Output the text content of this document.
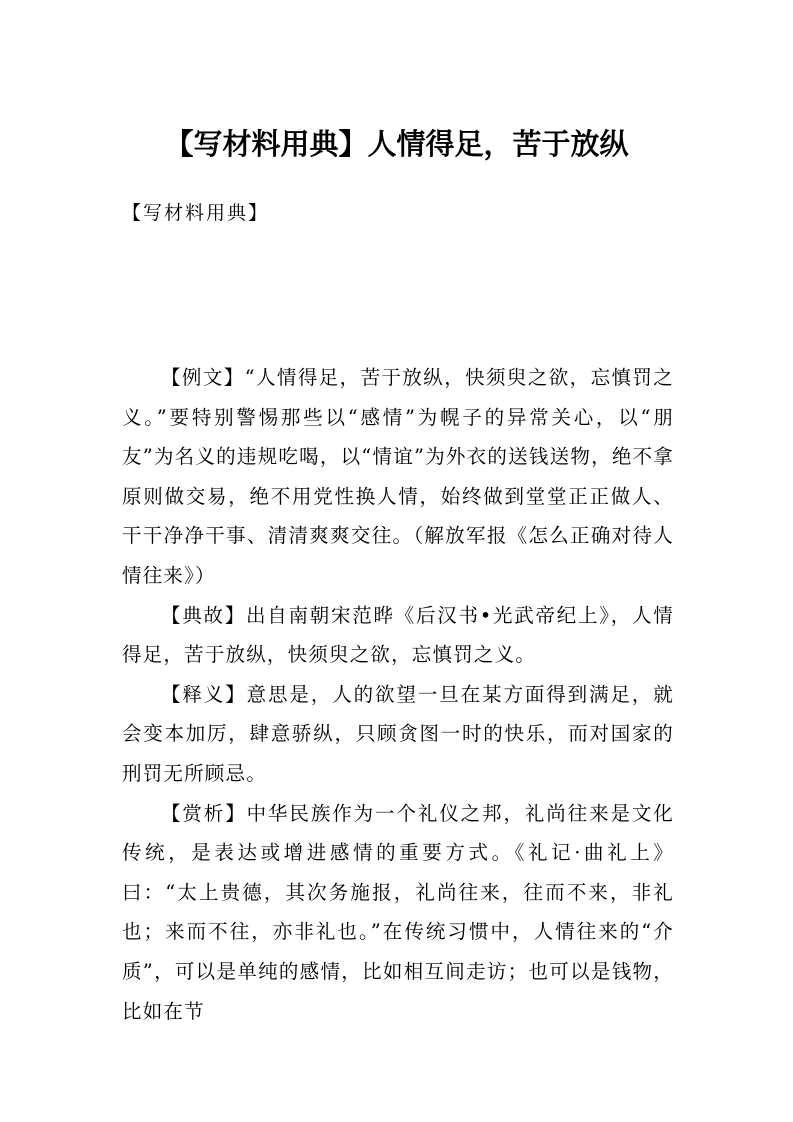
【写材料用典】人情得足，苦于放纵

【写材料用典】

【例文】“人情得足，苦于放纵，快须臾之欲，忘慎罚之义。”要特别警惕那些以“感情”为幌子的异常关心，以“朋友”为名义的违规吃喝，以“情谊”为外衣的送钱送物，绝不拿原则做交易，绝不用党性换人情，始终做到堂堂正正做人、干干净净干事、清清爽爽交往。（解放军报《怎么正确对待人情往来》）

【典故】出自南朝宋范晔《后汉书•光武帝纪上》，人情得足，苦于放纵，快须臾之欲，忘慎罚之义。

【释义】意思是，人的欲望一旦在某方面得到满足，就会变本加厉，肆意骄纵，只顾贪图一时的快乐，而对国家的刑罚无所顾忌。

【赏析】中华民族作为一个礼仪之邦，礼尚往来是文化传统，是表达或增进感情的重要方式。《礼记·曲礼上》曰：“太上贵德，其次务施报，礼尚往来，往而不来，非礼也；来而不往，亦非礼也。”在传统习惯中，人情往来的“介质”，可以是单纯的感情，比如相互间走访；也可以是钱物，比如在节
